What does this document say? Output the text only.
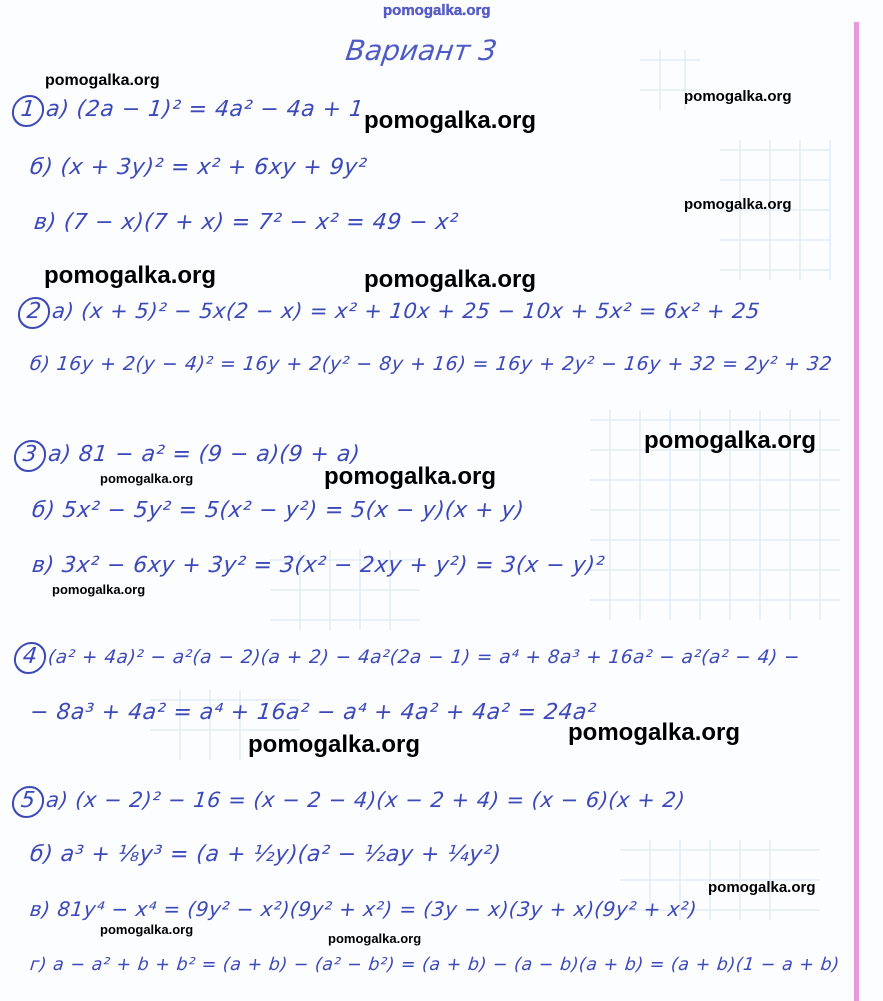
pomogalka.org
Вариант 3
1 а) (2a − 1)² = 4a² − 4a + 1
б) (x + 3y)² = x² + 6xy + 9y²
в) (7 − x)(7 + x) = 7² − x² = 49 − x²
2 а) (x + 5)² − 5x(2 − x) = x² + 10x + 25 − 10x + 5x² = 6x² + 25
б) 16y + 2(y − 4)² = 16y + 2(y² − 8y + 16) = 16y + 2y² − 16y + 32 = 2y² + 32
3 а) 81 − a² = (9 − a)(9 + a)
б) 5x² − 5y² = 5(x² − y²) = 5(x − y)(x + y)
в) 3x² − 6xy + 3y² = 3(x² − 2xy + y²) = 3(x − y)²
4 (a² + 4a)² − a²(a − 2)(a + 2) − 4a²(2a − 1) = a⁴ + 8a³ + 16a² − a²(a² − 4) −
− 8a³ + 4a² = a⁴ + 16a² − a⁴ + 4a² + 4a² = 24a²
5 а) (x − 2)² − 16 = (x − 2 − 4)(x − 2 + 4) = (x − 6)(x + 2)
б) a³ + ⅛y³ = (a + ½y)(a² − ½ay + ¼y²)
в) 81y⁴ − x⁴ = (9y² − x²)(9y² + x²) = (3y − x)(3y + x)(9y² + x²)
г) a − a² + b + b² = (a + b) − (a² − b²) = (a + b) − (a − b)(a + b) = (a + b)(1 − a + b)
pomogalka.org
pomogalka.org
pomogalka.org
pomogalka.org
pomogalka.org	pomogalka.org
pomogalka.org
pomogalka.org
pomogalka.org
pomogalka.org
pomogalka.org	pomogalka.org
pomogalka.org
pomogalka.org
pomogalka.org
